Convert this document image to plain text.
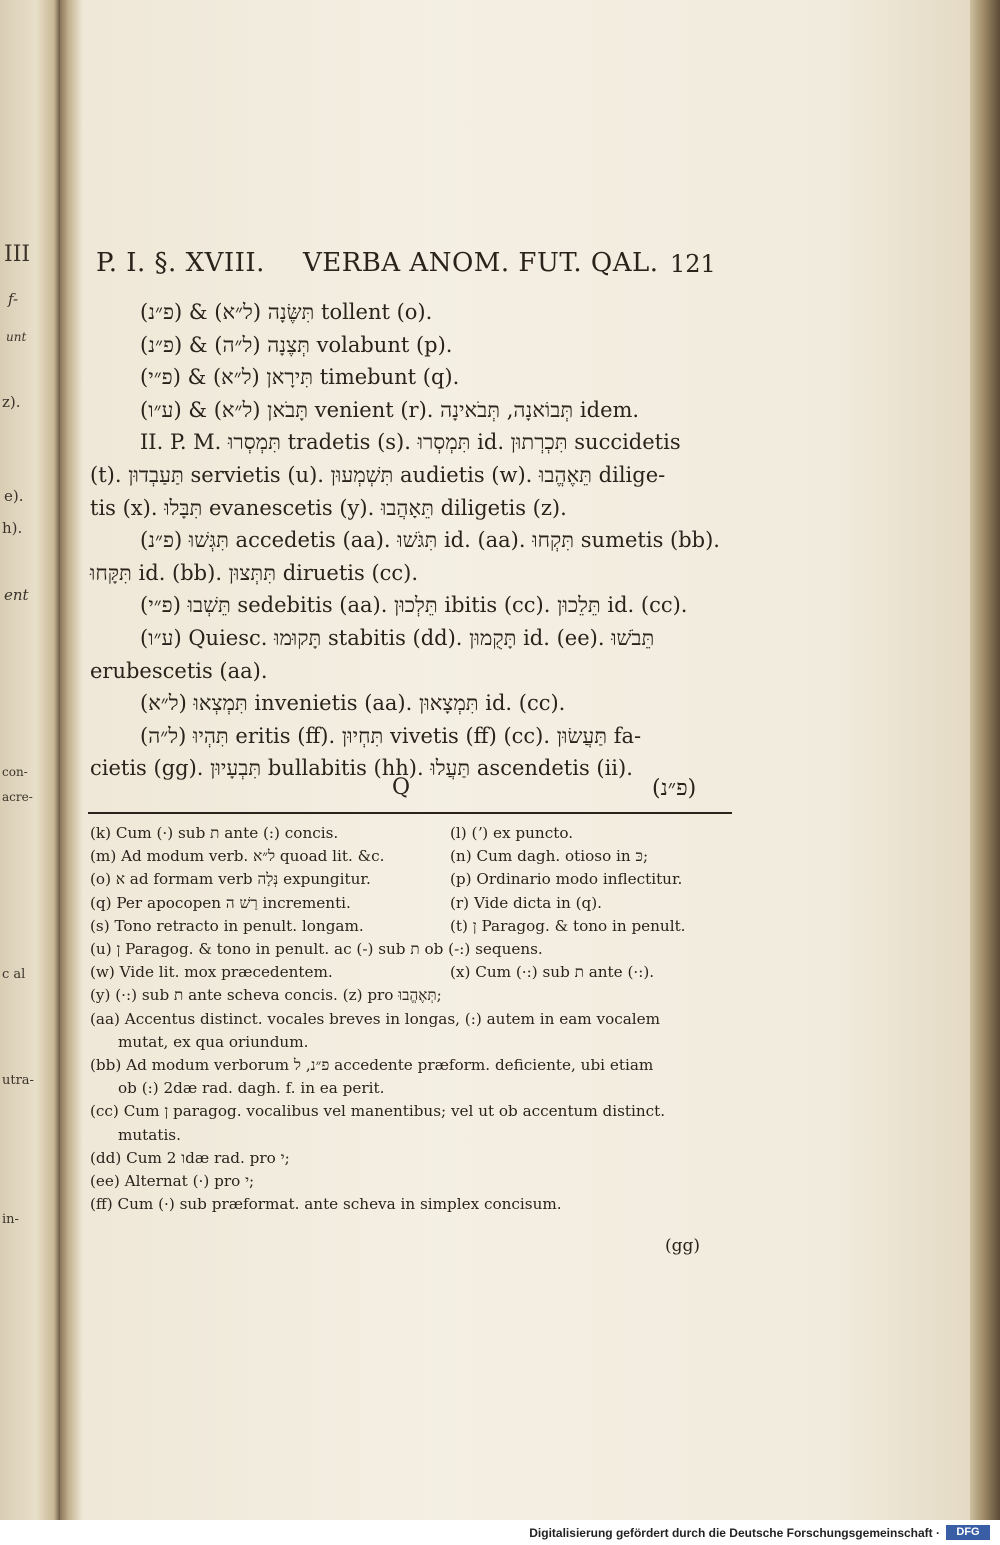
III
f-
unt
z).
e).
h).
ent
con-
acre-
c al
utra-
in-
P. I. §. XVIII. VERBA ANOM. FUT. QAL. 121
(פ״נ) & (ל״א) תִּשֶּׂנָה tollent (o).
(פ״נ) & (ל״ה) תְּצֶנָה volabunt (p).
(פ״י) & (ל״א) תִּירָאן timebunt (q).
(ע״ו) & (ל״א) תָּבֹאן venient (r). תְּבוֹאנָה, תְּבֹאינָה idem.
II. P. M. תִּמְסְרוּ tradetis (s). תִּמְסְרוּ id. תִּכְרְתוּן succidetis
(t). תַּעַבְדוּן servietis (u). תִּשְׁמְעוּן audietis (w). תֵּאֶהֱבוּ dilige-
tis (x). תִּבָּלוּ evanescetis (y). תֵּאָהֲבוּ diligetis (z).
(פ״נ) תִּגְּשׁוּ accedetis (aa). תִּגֹּשׁוּ id. (aa). תִּקְחוּ sumetis (bb).
תִּקָּחוּ id. (bb). תִּתְּצוּן diruetis (cc).
(פ״י) תֵּשְׁבוּ sedebitis (aa). תֵּלְכוּן ibitis (cc). תֵּלֵכוּן id. (cc).
(ע״ו) Quiesc. תָּקוּמוּ stabitis (dd). תָּקֻמוּן id. (ee). תֵּבֹשׁוּ
erubescetis (aa).
(ל״א) תִּמְצְאוּ invenietis (aa). תִּמְצָאוּן id. (cc).
(ל״ה) תִּהְיוּ eritis (ff). תִּחְיוּן vivetis (ff) (cc). תַּעֲשׂוּן fa-
cietis (gg). תִּבְעָיוּן bullabitis (hh). תַּעֲלוּ ascendetis (ii).
Q	(פ״נ)
(k) Cum (·) sub ת ante (:) concis.	(l) (ʼ) ex puncto.
(m) Ad modum verb. ל״א quoad lit. &c.	(n) Cum dagh. otioso in כּ;
(o) א ad formam verb נְּלָה expungitur.	(p) Ordinario modo inflectitur.
(q) Per apocopen רַשׁ ה incrementi.	(r) Vide dicta in (q).
(s) Tono retracto in penult. longam.	(t) ן Paragog. & tono in penult.
(u) ן Paragog. & tono in penult. ac (-) sub ת ob (-:) sequens.
(w) Vide lit. mox præcedentem.	(x) Cum (·:) sub ת ante (·:).
(y) (·:) sub ת ante scheva concis. (z) pro תְּאֶהֱבוּ;
(aa) Accentus distinct. vocales breves in longas, (:) autem in eam vocalem
mutat, ex qua oriundum.
(bb) Ad modum verborum פ״נ, ל accedente præform. deficiente, ubi etiam
ob (:) 2dæ rad. dagh. f. in ea perit.
(cc) Cum ן paragog. vocalibus vel manentibus; vel ut ob accentum distinct.
mutatis.
(dd) Cum ו 2dæ rad. pro י;
(ee) Alternat (·) pro י;
(ff) Cum (·) sub præformat. ante scheva in simplex concisum.
(gg)
Digitalisierung gefördert durch die Deutsche Forschungsgemeinschaft ·	DFG
